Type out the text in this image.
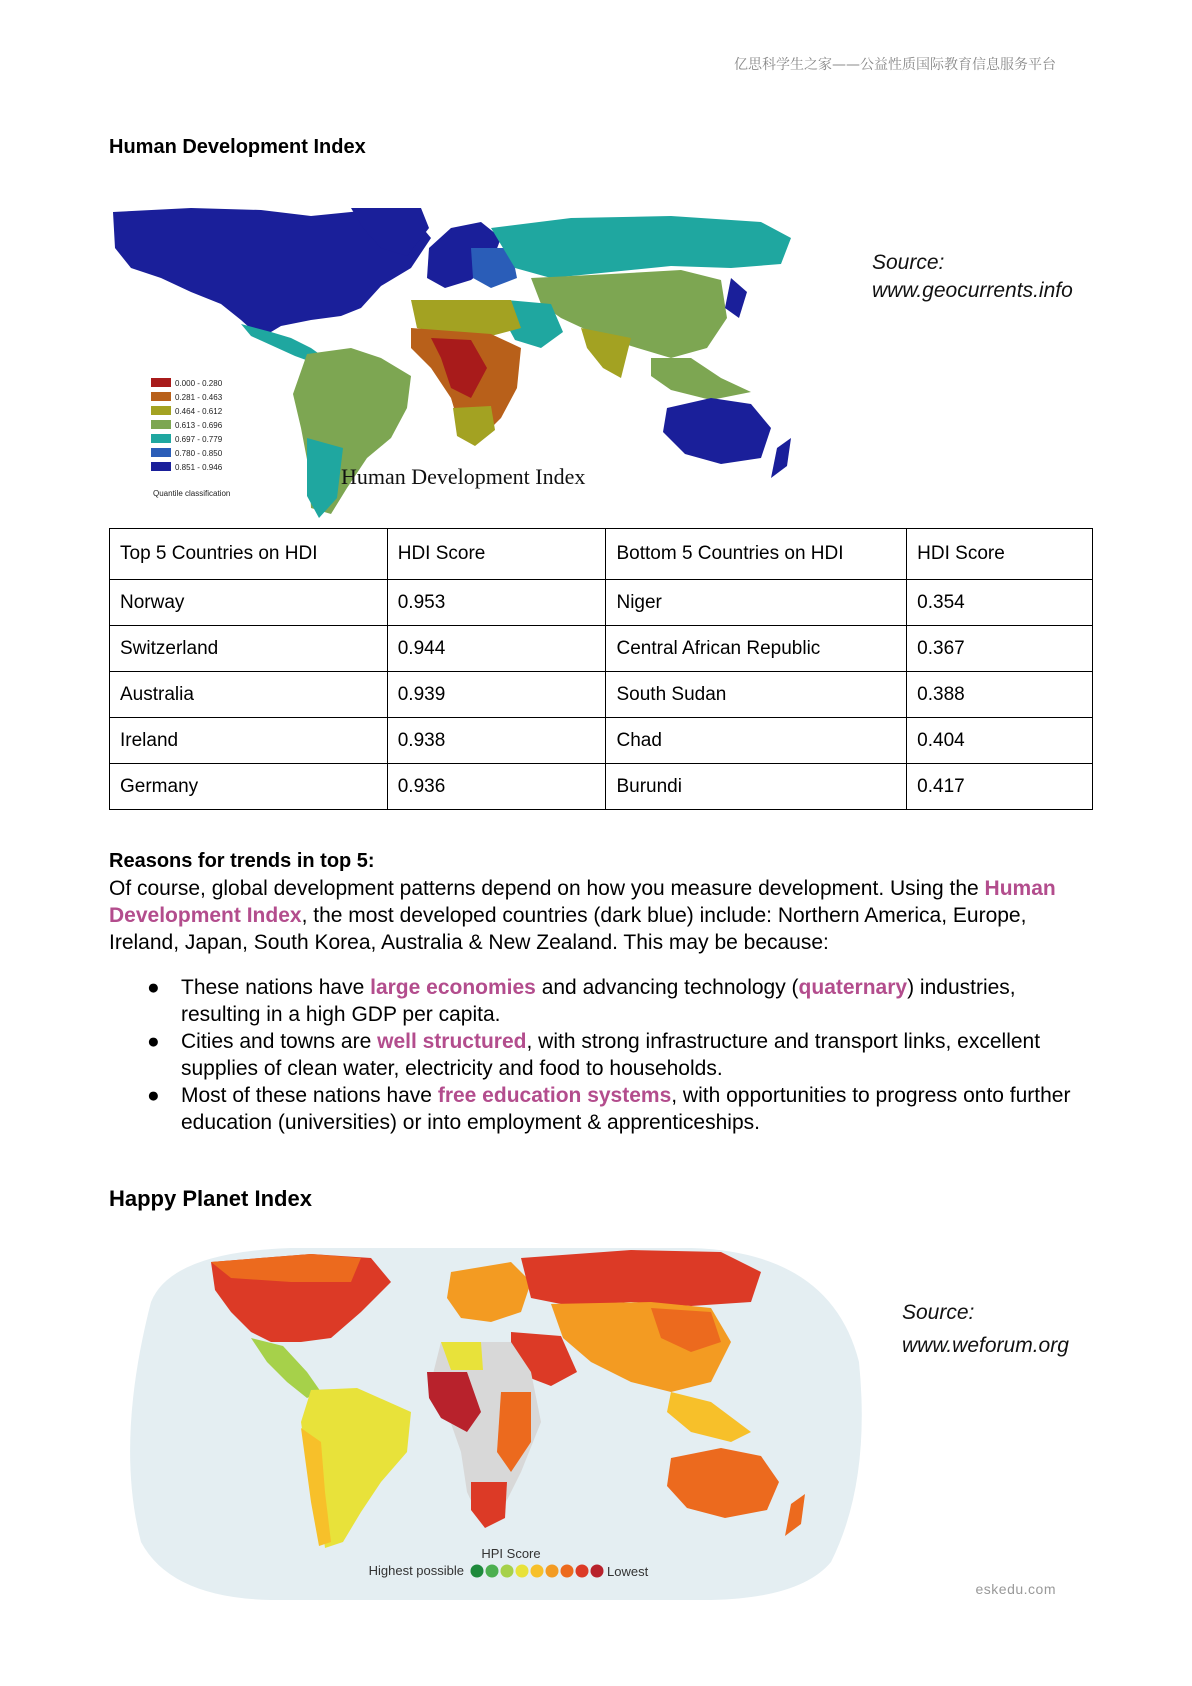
亿思科学生之家——公益性质国际教育信息服务平台
Human Development Index
0.000 - 0.280
0.281 - 0.463
0.464 - 0.612
0.613 - 0.696
0.697 - 0.779
0.780 - 0.850
0.851 - 0.946
Quantile classification
Human Development Index
Source:
www.geocurrents.info
Top 5 Countries on HDI	HDI Score	Bottom 5 Countries on HDI	HDI Score
Norway	0.953	Niger	0.354
Switzerland	0.944	Central African Republic	0.367
Australia	0.939	South Sudan	0.388
Ireland	0.938	Chad	0.404
Germany	0.936	Burundi	0.417
Reasons for trends in top 5:
Of course, global development patterns depend on how you measure development. Using the Human Development Index, the most developed countries (dark blue) include: Northern America, Europe, Ireland, Japan, South Korea, Australia & New Zealand. This may be because:
● These nations have large economies and advancing technology (quaternary) industries, resulting in a high GDP per capita.
● Cities and towns are well structured, with strong infrastructure and transport links, excellent supplies of clean water, electricity and food to households.
● Most of these nations have free education systems, with opportunities to progress onto further education (universities) or into employment & apprenticeships.
Happy Planet Index
HPI Score
Highest possible	Lowest
Source:
www.weforum.org
eskedu.com
